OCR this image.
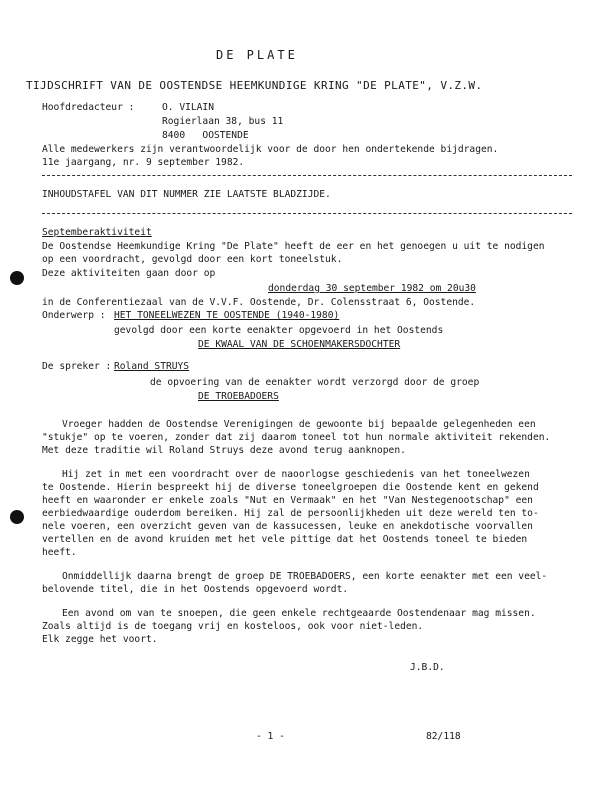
DE PLATE
TIJDSCHRIFT VAN DE OOSTENDSE HEEMKUNDIGE KRING "DE PLATE", V.Z.W.
Hoofdredacteur :	O. VILAIN
Rogierlaan 38, bus 11
8400   OOSTENDE
Alle medewerkers zijn verantwoordelijk voor de door hen ondertekende bijdragen.
11e jaargang, nr. 9 september 1982.
INHOUDSTAFEL VAN DIT NUMMER ZIE LAATSTE BLADZIJDE.
Septemberaktiviteit
De Oostendse Heemkundige Kring "De Plate" heeft de eer en het genoegen u uit te nodigen
op een voordracht, gevolgd door een kort toneelstuk.
Deze aktiviteiten gaan door op
donderdag 30 september 1982 om 20u30
in de Conferentiezaal van de V.V.F. Oostende, Dr. Colensstraat 6, Oostende.
Onderwerp : HET TONEELWEZEN TE OOSTENDE (1940-1980)
gevolgd door een korte eenakter opgevoerd in het Oostends
DE KWAAL VAN DE SCHOENMAKERSDOCHTER
De spreker : Roland STRUYS
de opvoering van de eenakter wordt verzorgd door de groep
DE TROEBADOERS
Vroeger hadden de Oostendse Verenigingen de gewoonte bij bepaalde gelegenheden een
"stukje" op te voeren, zonder dat zij daarom toneel tot hun normale aktiviteit rekenden.
Met deze traditie wil Roland Struys deze avond terug aanknopen.
Hij zet in met een voordracht over de naoorlogse geschiedenis van het toneelwezen
te Oostende. Hierin bespreekt hij de diverse toneelgroepen die Oostende kent en gekend
heeft en waaronder er enkele zoals "Nut en Vermaak" en het "Van Nestegenootschap" een
eerbiedwaardige ouderdom bereiken. Hij zal de persoonlijkheden uit deze wereld ten to-
nele voeren, een overzicht geven van de kassucessen, leuke en anekdotische voorvallen
vertellen en de avond kruiden met het vele pittige dat het Oostends toneel te bieden
heeft.
Onmiddellijk daarna brengt de groep DE TROEBADOERS, een korte eenakter met een veel-
belovende titel, die in het Oostends opgevoerd wordt.
Een avond om van te snoepen, die geen enkele rechtgeaarde Oostendenaar mag missen.
Zoals altijd is de toegang vrij en kosteloos, ook voor niet-leden.
Elk zegge het voort.
J.B.D.
- 1 -	82/118
